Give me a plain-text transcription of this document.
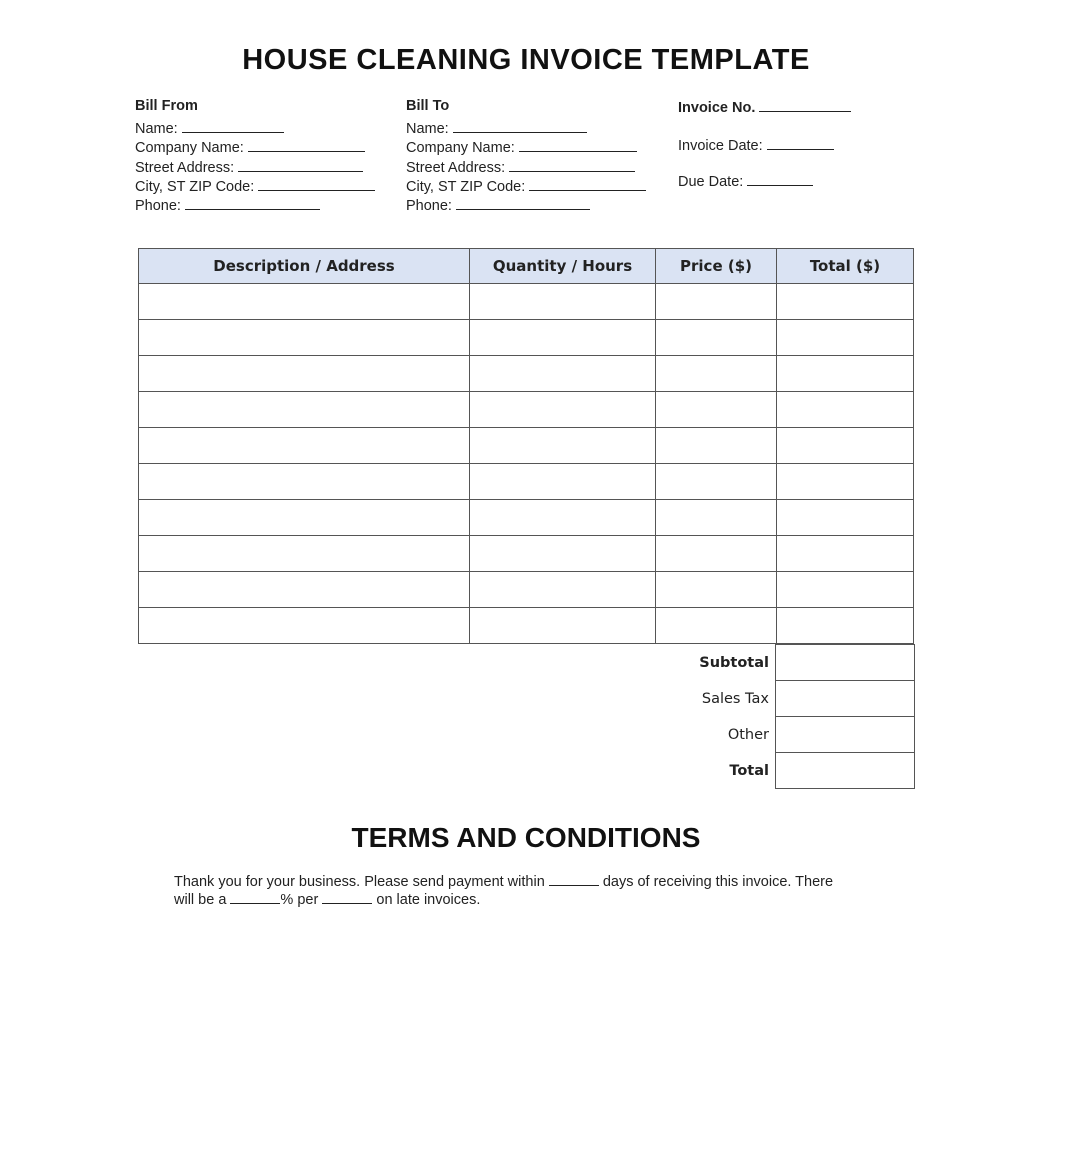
HOUSE CLEANING INVOICE TEMPLATE
Bill From
Name:
Company Name:
Street Address:
City, ST ZIP Code:
Phone:
Bill To
Name:
Company Name:
Street Address:
City, ST ZIP Code:
Phone:
Invoice No.
Invoice Date:
Due Date:
Description / Address	Quantity / Hours	Price ($)	Total ($)

Subtotal	
Sales Tax	
Other	
Total	
TERMS AND CONDITIONS
Thank you for your business. Please send payment within	days of receiving this invoice. There
will be a	% per	on late invoices.
